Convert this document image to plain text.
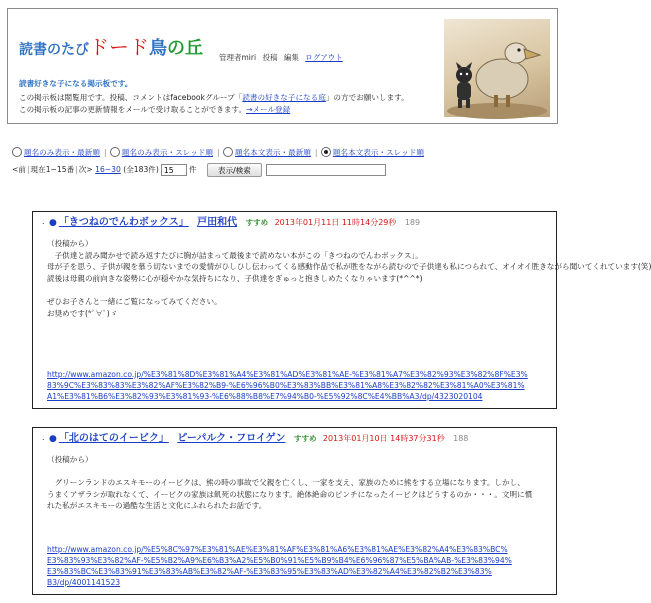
読書のたびドード鳥の丘 管理者miri 投稿 編集 ログアウト
読書好きな子になる掲示板です。
この掲示板は閲覧用です。投稿、コメントはfacebookグループ「読書の好きな子になる庭」の方でお願いします。
この掲示板の記事の更新情報をメールで受け取ることができます。→メール登録
題名のみ表示・最新順 | 題名のみ表示・スレッド順 | 題名本文表示・最新順 | 題名本文表示・スレッド順
<前|現在1~15番|次> 16~30 (全183件)15	件	表示/検索
. ● 「きつねのでんわボックス」 戸田和代 すすめ 2013年01月11日 11時14分29秒 189
（投稿から）
　子供達と読み聞かせで読み返すたびに胸が詰まって最後まで読めない本がこの「きつねのでんわボックス」。
母が子を思う、子供が親を慕う切ないまでの愛情がひしひし伝わってくる感動作品で私が胜をながら読むので子供達も私につられて、オイオイ胜きながら聞いてくれています(笑)
読後は母親の前向きな姿勢に心が穏やかな気持ちになり、子供達をぎゅっと抱きしめたくなりゃいます(*^^*)
ぜひお子さんと一緒にご覧になってみてください。
お奨めです(*ﾟ∀ﾟ)ゞ
http://www.amazon.co.jp/%E3%81%8D%E3%81%A4%E3%81%AD%E3%81%AE-%E3%81%A7%E3%82%93%E3%82%8F%E3%
83%9C%E3%83%83%E3%82%AF%E3%82%B9-%E6%96%B0%E3%83%BB%E3%81%A8%E3%82%82%E3%81%A0%E3%81%
A1%E3%81%B6%E3%82%93%E3%81%93-%E6%88%B8%E7%94%B0-%E5%92%8C%E4%BB%A3/dp/4323020104
. ● 「北のはてのイービク」 ピーパルク・フロイゲン すすめ 2013年01月10日 14時37分31秒 188
（投稿から）
　グリーンランドのエスキモーのイービクは、熊の時の事故で父親を亡くし、一家を支え、家族のために熊をする立場になります。しかし、
うまくアザラシが取れなくて、イービクの家族は飢死の状態になります。絶体絶命のピンチになったイービクはどうするのか・・・。文明に慣
れた私がエスキモーの過酷な生活と文化にふれられたお話です。
http://www.amazon.co.jp/%E5%8C%97%E3%81%AE%E3%81%AF%E3%81%A6%E3%81%AE%E3%82%A4%E3%83%BC%
E3%83%93%E3%82%AF-%E5%B2%A9%E6%B3%A2%E5%B0%91%E5%B9%B4%E6%96%87%E5%BA%AB-%E3%83%94%
E3%83%BC%E3%83%91%E3%83%AB%E3%82%AF-%E3%83%95%E3%83%AD%E3%82%A4%E3%82%B2%E3%83%
B3/dp/4001141523
